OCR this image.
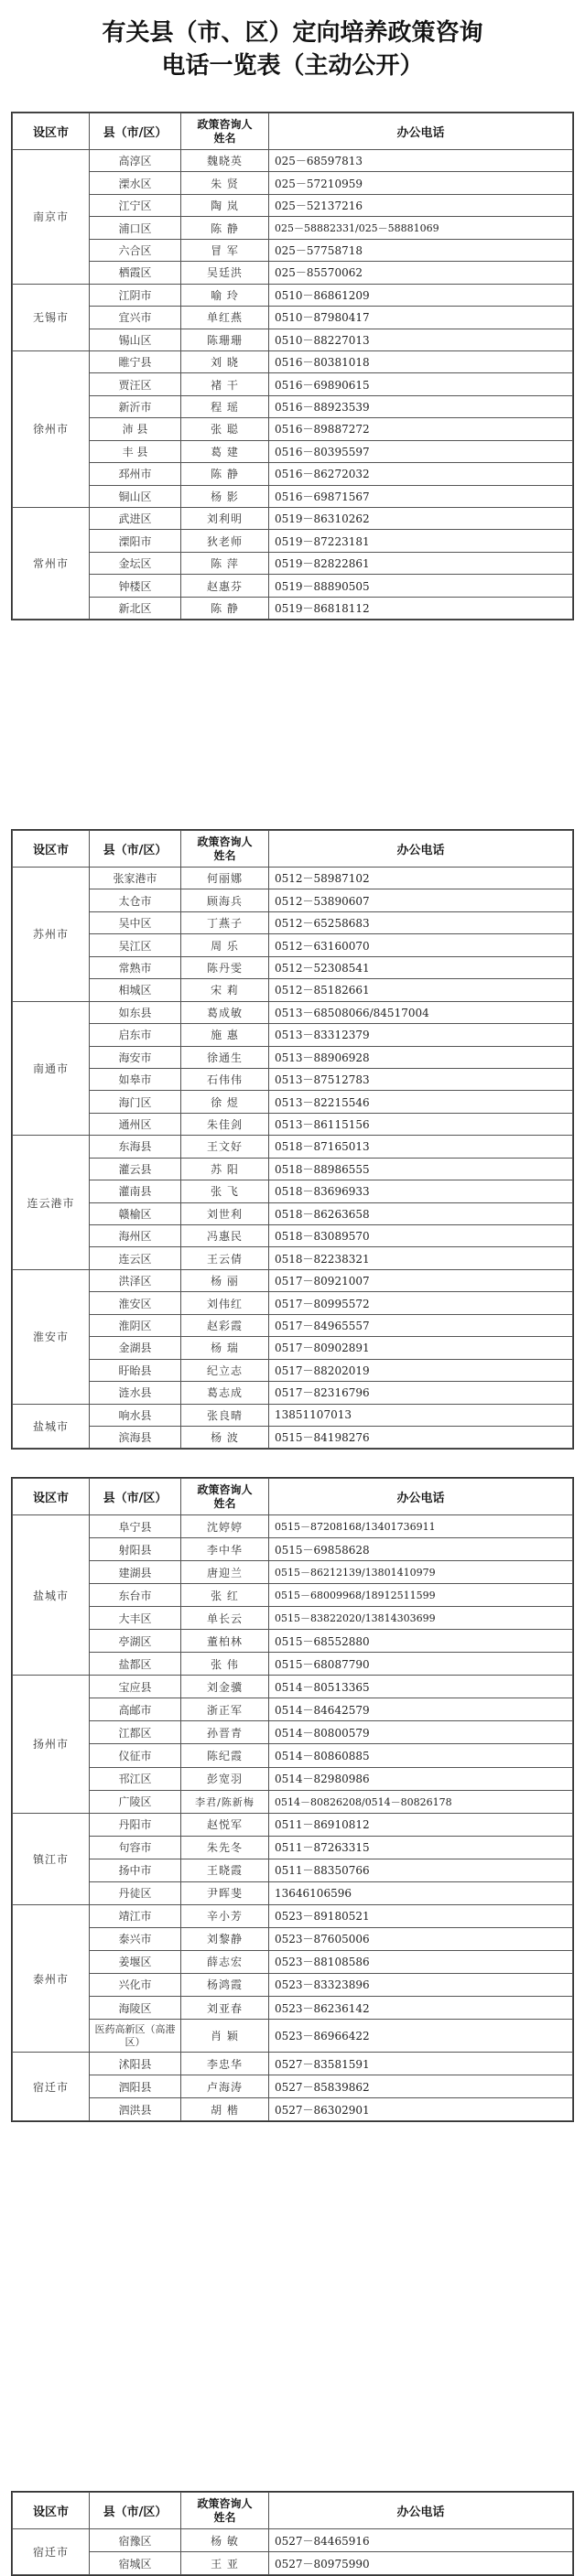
有关县（市、区）定向培养政策咨询
电话一览表（主动公开）
设区市	县（市/区）	政策咨询人姓名	办公电话
南京市	高淳区	魏晓英	025－68597813
	溧水区	朱 贤	025－57210959
	江宁区	陶 岚	025－52137216
	浦口区	陈 静	025－58882331/025－58881069
	六合区	冒 军	025－57758718
	栖霞区	吴廷洪	025－85570062
无锡市	江阴市	喻 玲	0510－86861209
	宜兴市	单红燕	0510－87980417
	锡山区	陈珊珊	0510－88227013
徐州市	睢宁县	刘 晓	0516－80381018
	贾汪区	褚 干	0516－69890615
	新沂市	程 瑶	0516－88923539
	沛 县	张 聪	0516－89887272
	丰 县	葛 建	0516－80395597
	邳州市	陈 静	0516－86272032
	铜山区	杨 影	0516－69871567
常州市	武进区	刘利明	0519－86310262
	溧阳市	狄老师	0519－87223181
	金坛区	陈 萍	0519－82822861
	钟楼区	赵惠芬	0519－88890505
	新北区	陈 静	0519－86818112
设区市	县（市/区）	政策咨询人姓名	办公电话
苏州市	张家港市	何丽娜	0512－58987102
	太仓市	顾海兵	0512－53890607
	吴中区	丁燕子	0512－65258683
	吴江区	周 乐	0512－63160070
	常熟市	陈丹雯	0512－52308541
	相城区	宋 莉	0512－85182661
南通市	如东县	葛成敏	0513－68508066/84517004
	启东市	施 惠	0513－83312379
	海安市	徐通生	0513－88906928
	如皋市	石伟伟	0513－87512783
	海门区	徐 煜	0513－82215546
	通州区	朱佳剑	0513－86115156
连云港市	东海县	王文好	0518－87165013
	灌云县	苏 阳	0518－88986555
	灌南县	张 飞	0518－83696933
	赣榆区	刘世利	0518－86263658
	海州区	冯惠民	0518－83089570
	连云区	王云倩	0518－82238321
淮安市	洪泽区	杨 丽	0517－80921007
	淮安区	刘伟红	0517－80995572
	淮阴区	赵彩霞	0517－84965557
	金湖县	杨 瑞	0517－80902891
	盱眙县	纪立志	0517－88202019
	涟水县	葛志成	0517－82316796
盐城市	响水县	张良晴	13851107013
	滨海县	杨 波	0515－84198276
设区市	县（市/区）	政策咨询人姓名	办公电话
盐城市	阜宁县	沈婷婷	0515－87208168/13401736911
	射阳县	李中华	0515－69858628
	建湖县	唐迎兰	0515－86212139/13801410979
	东台市	张 红	0515－68009968/18912511599
	大丰区	单长云	0515－83822020/13814303699
	亭湖区	董柏林	0515－68552880
	盐都区	张 伟	0515－68087790
扬州市	宝应县	刘金骥	0514－80513365
	高邮市	浙正军	0514－84642579
	江都区	孙晋青	0514－80800579
	仪征市	陈纪霞	0514－80860885
	邗江区	彭宽羽	0514－82980986
	广陵区	李君/陈新梅	0514－80826208/0514－80826178
镇江市	丹阳市	赵悦军	0511－86910812
	句容市	朱先冬	0511－87263315
	扬中市	王晓霞	0511－88350766
	丹徒区	尹晖斐	13646106596
泰州市	靖江市	辛小芳	0523－89180521
	泰兴市	刘黎静	0523－87605006
	姜堰区	薛志宏	0523－88108586
	兴化市	杨鸿霞	0523－83323896
	海陵区	刘亚春	0523－86236142
	医药高新区（高港区）	肖 颖	0523－86966422
宿迁市	沭阳县	李忠华	0527－83581591
	泗阳县	卢海涛	0527－85839862
	泗洪县	胡 楷	0527－86302901
设区市	县（市/区）	政策咨询人姓名	办公电话
宿迁市	宿豫区	杨 敏	0527－84465916
	宿城区	王 亚	0527－80975990
